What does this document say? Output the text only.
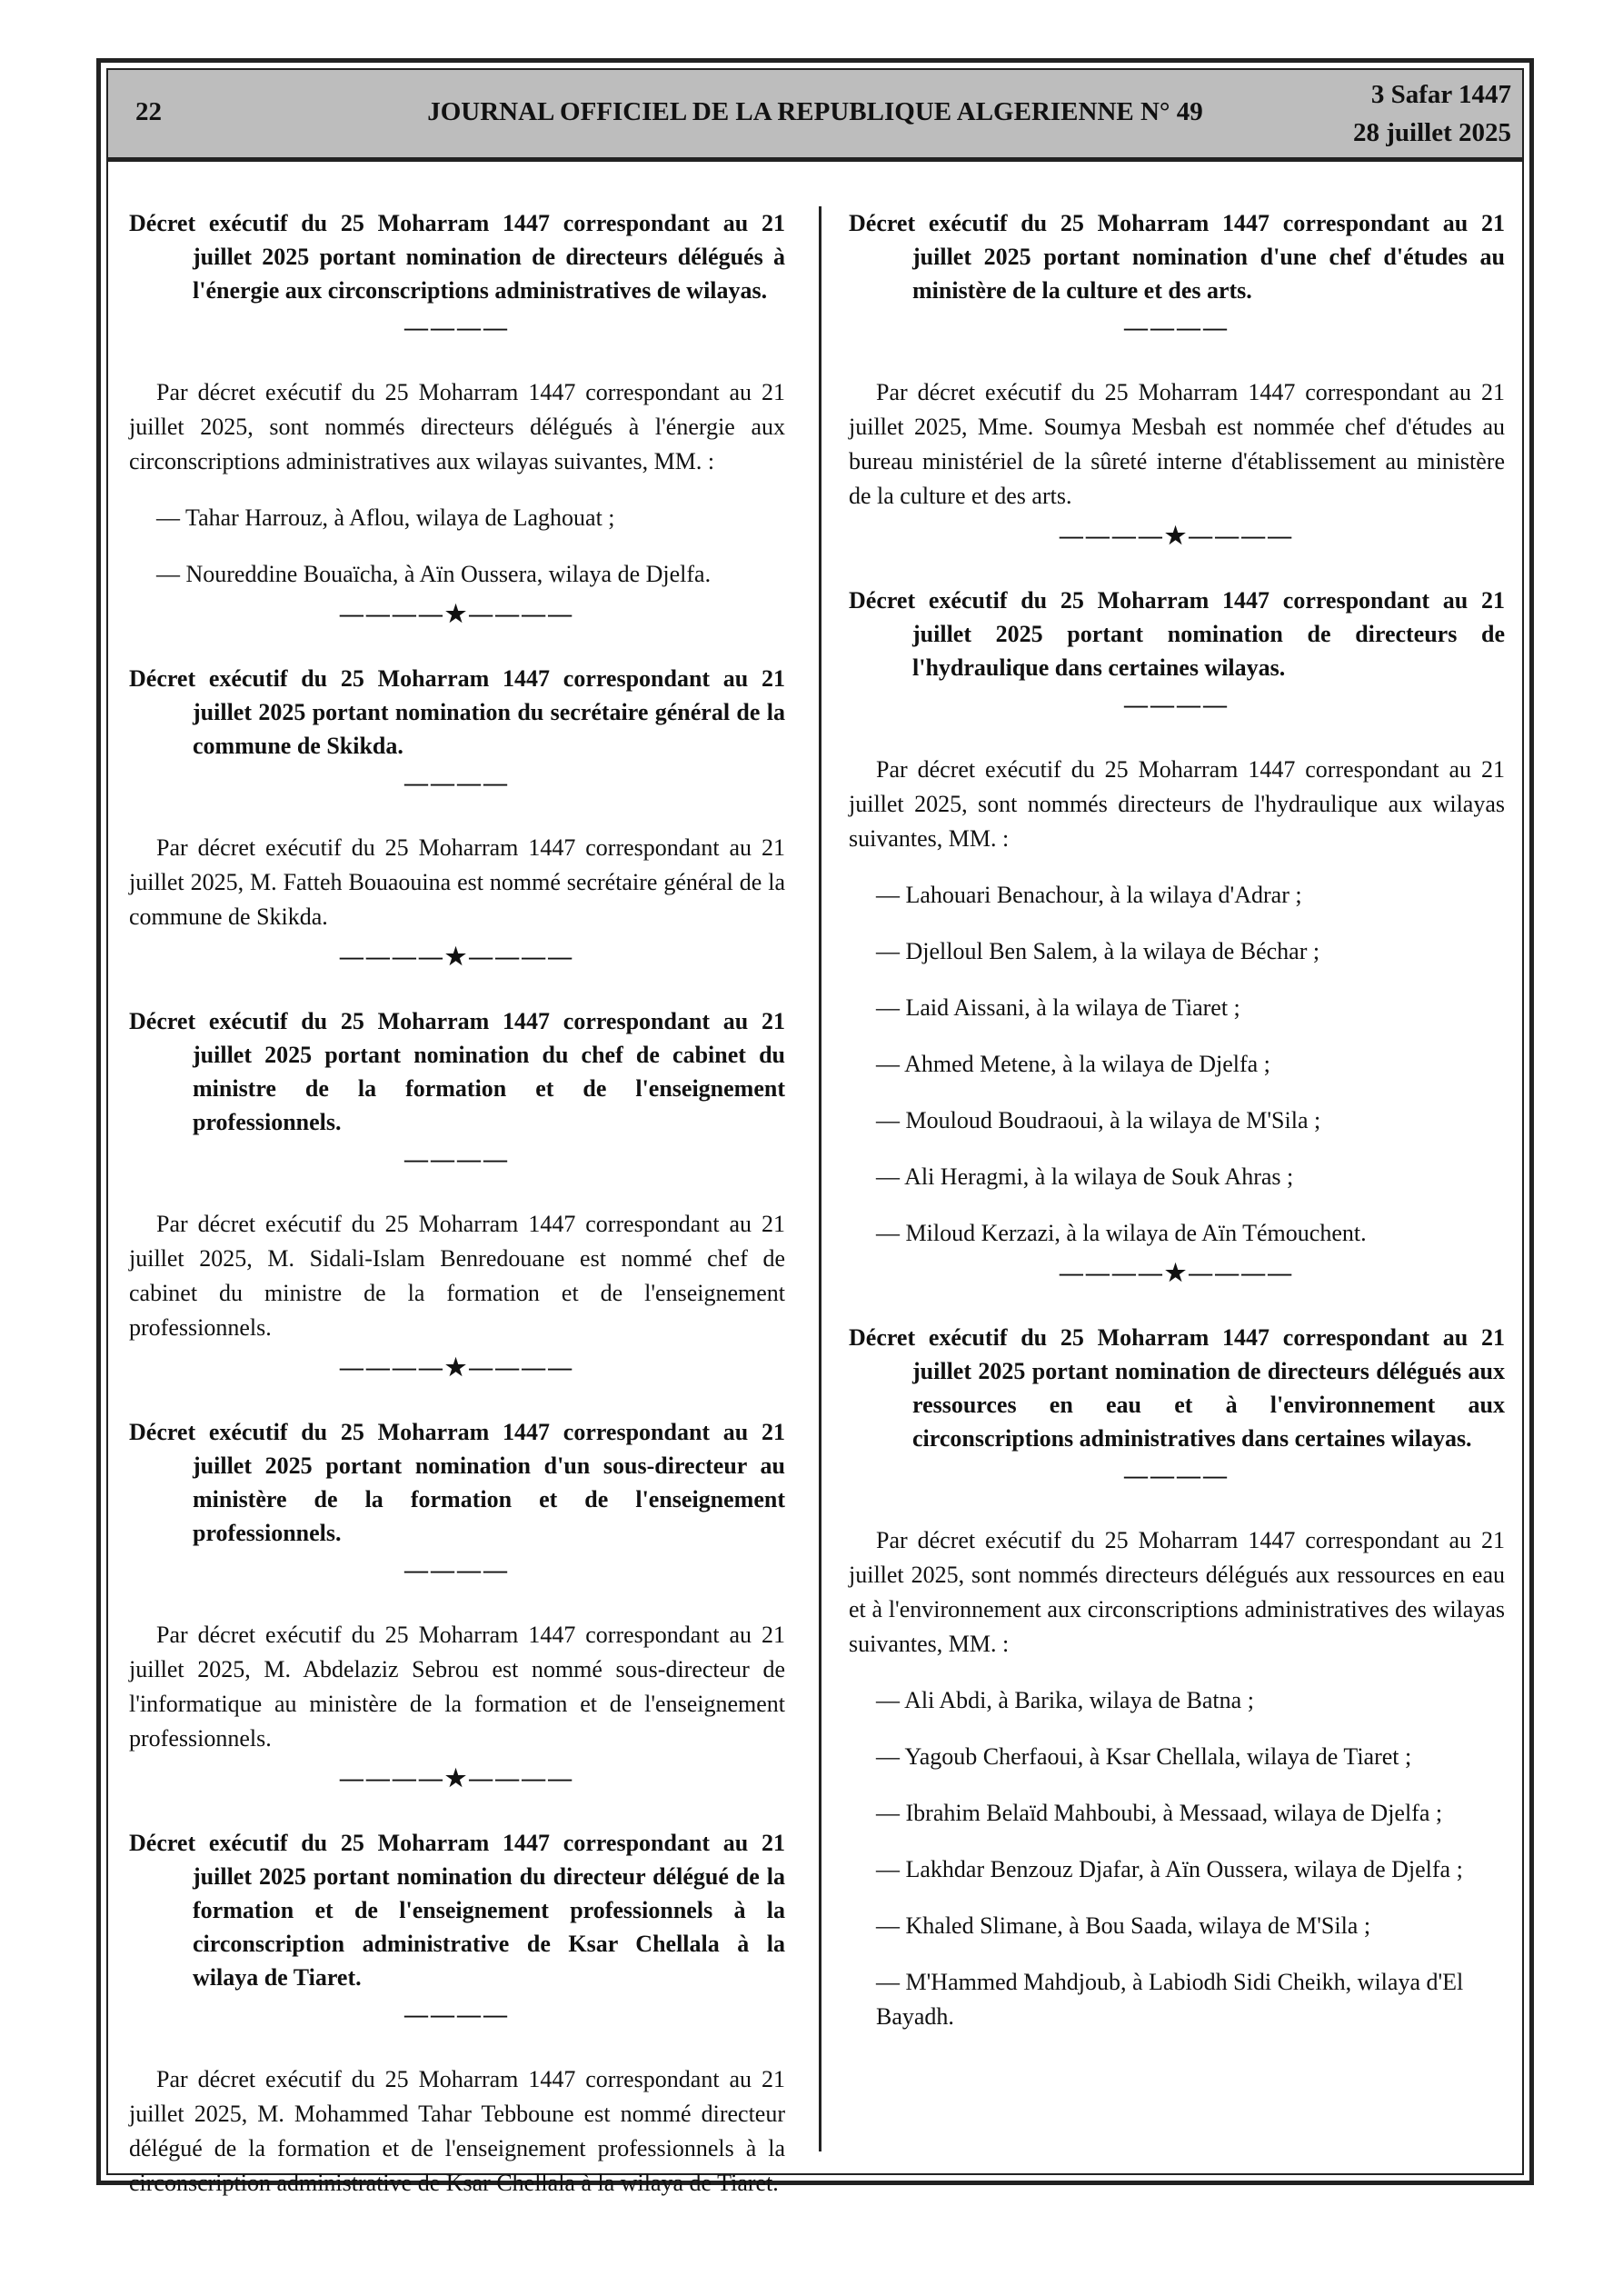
22	JOURNAL OFFICIEL DE LA REPUBLIQUE ALGERIENNE N° 49
3 Safar 1447
28 juillet 2025

Décret exécutif du 25 Moharram 1447 correspondant au 21 juillet 2025 portant nomination de directeurs délégués à l'énergie aux circonscriptions administratives de wilayas.

————

Par décret exécutif du 25 Moharram 1447 correspondant au 21 juillet 2025, sont nommés directeurs délégués à l'énergie aux circonscriptions administratives aux wilayas suivantes, MM. :

— Tahar Harrouz, à Aflou, wilaya de Laghouat ;
— Noureddine Bouaïcha, à Aïn Oussera, wilaya de Djelfa.
————★————

Décret exécutif du 25 Moharram 1447 correspondant au 21 juillet 2025 portant nomination du secrétaire général de la commune de Skikda.

————

Par décret exécutif du 25 Moharram 1447 correspondant au 21 juillet 2025, M. Fatteh Bouaouina est nommé secrétaire général de la commune de Skikda.

————★————

Décret exécutif du 25 Moharram 1447 correspondant au 21 juillet 2025 portant nomination du chef de cabinet du ministre de la formation et de l'enseignement professionnels.

————

Par décret exécutif du 25 Moharram 1447 correspondant au 21 juillet 2025, M. Sidali-Islam Benredouane est nommé chef de cabinet du ministre de la formation et de l'enseignement professionnels.

————★————

Décret exécutif du 25 Moharram 1447 correspondant au 21 juillet 2025 portant nomination d'un sous-directeur au ministère de la formation et de l'enseignement professionnels.

————

Par décret exécutif du 25 Moharram 1447 correspondant au 21 juillet 2025, M. Abdelaziz Sebrou est nommé sous-directeur de l'informatique au ministère de la formation et de l'enseignement professionnels.

————★————

Décret exécutif du 25 Moharram 1447 correspondant au 21 juillet 2025 portant nomination du directeur délégué de la formation et de l'enseignement professionnels à la circonscription administrative de Ksar Chellala à la wilaya de Tiaret.

————

Par décret exécutif du 25 Moharram 1447 correspondant au 21 juillet 2025, M. Mohammed Tahar Tebboune est nommé directeur délégué de la formation et de l'enseignement professionnels à la circonscription administrative de Ksar Chellala à la wilaya de Tiaret.

Décret exécutif du 25 Moharram 1447 correspondant au 21 juillet 2025 portant nomination d'une chef d'études au ministère de la culture et des arts.

————

Par décret exécutif du 25 Moharram 1447 correspondant au 21 juillet 2025, Mme. Soumya Mesbah est nommée chef d'études au bureau ministériel de la sûreté interne d'établissement au ministère de la culture et des arts.

————★————

Décret exécutif du 25 Moharram 1447 correspondant au 21 juillet 2025 portant nomination de directeurs de l'hydraulique dans certaines wilayas.

————

Par décret exécutif du 25 Moharram 1447 correspondant au 21 juillet 2025, sont nommés directeurs de l'hydraulique aux wilayas suivantes, MM. :

— Lahouari Benachour, à la wilaya d'Adrar ;
— Djelloul Ben Salem, à la wilaya de Béchar ;
— Laid Aissani, à la wilaya de Tiaret ;
— Ahmed Metene, à la wilaya de Djelfa ;
— Mouloud Boudraoui, à la wilaya de M'Sila ;
— Ali Heragmi, à la wilaya de Souk Ahras ;
— Miloud Kerzazi, à la wilaya de Aïn Témouchent.
————★————

Décret exécutif du 25 Moharram 1447 correspondant au 21 juillet 2025 portant nomination de directeurs délégués aux ressources en eau et à l'environnement aux circonscriptions administratives dans certaines wilayas.

————

Par décret exécutif du 25 Moharram 1447 correspondant au 21 juillet 2025, sont nommés directeurs délégués aux ressources en eau et à l'environnement aux circonscriptions administratives des wilayas suivantes, MM. :

— Ali Abdi, à Barika, wilaya de Batna ;
— Yagoub Cherfaoui, à Ksar Chellala, wilaya de Tiaret ;
— Ibrahim Belaïd Mahboubi, à Messaad, wilaya de Djelfa ;
— Lakhdar Benzouz Djafar, à Aïn Oussera, wilaya de Djelfa ;
— Khaled Slimane, à Bou Saada, wilaya de M'Sila ;
— M'Hammed Mahdjoub, à Labiodh Sidi Cheikh, wilaya d'El Bayadh.
